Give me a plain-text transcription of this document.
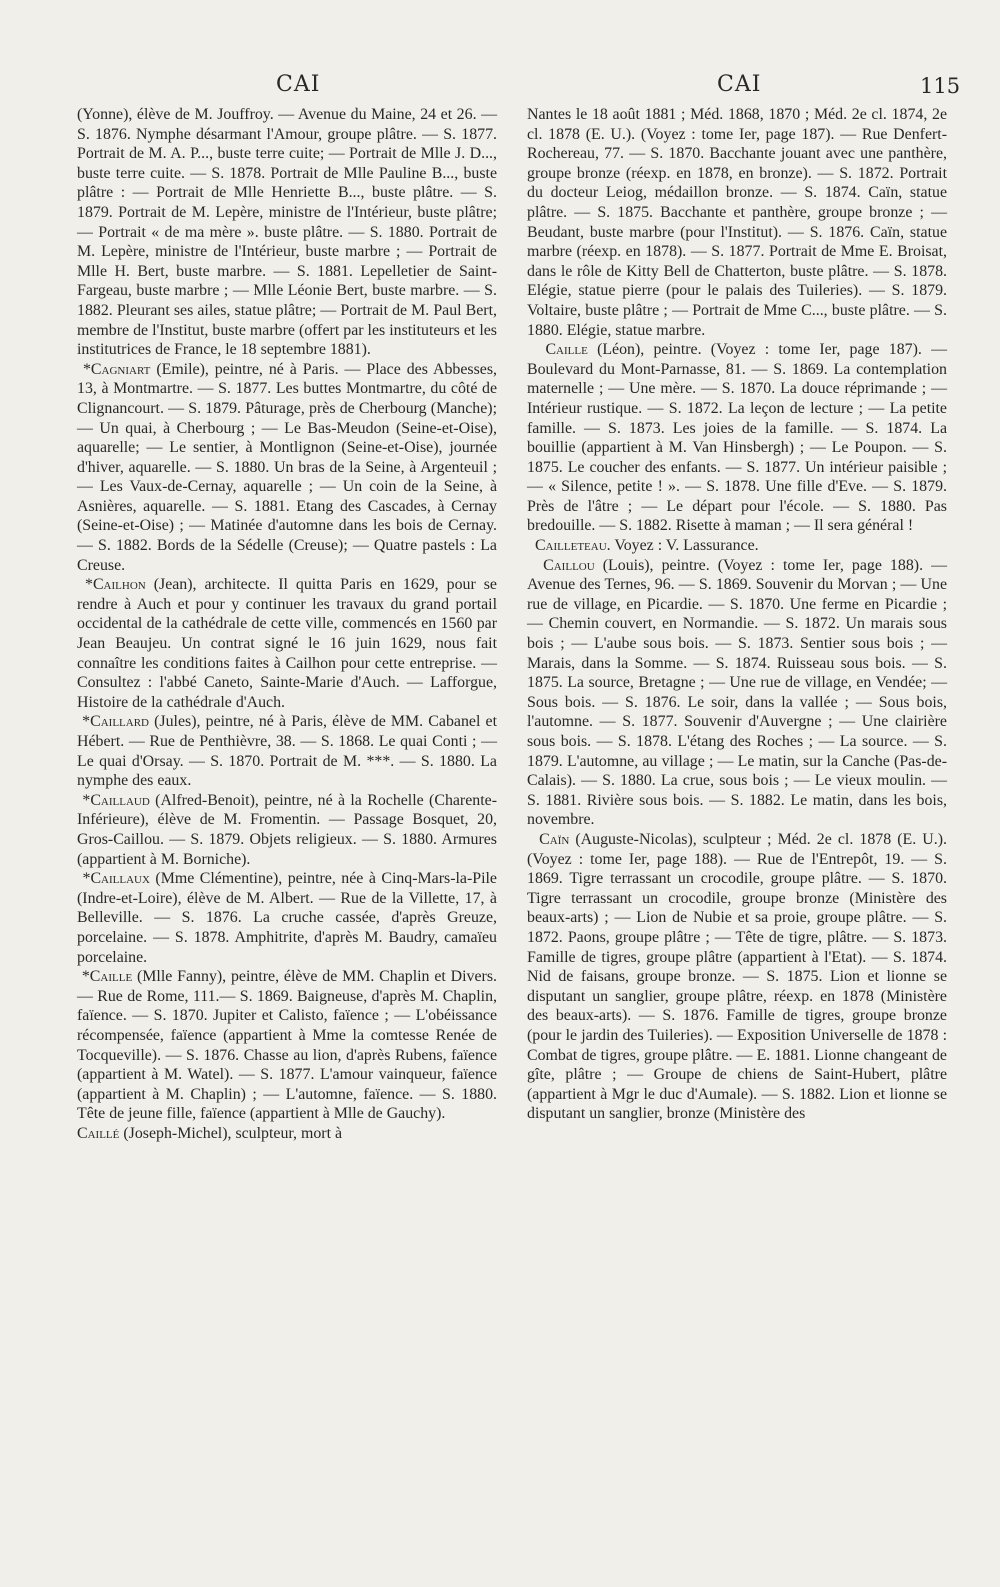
CAI	CAI	115

(Yonne), élève de M. Jouffroy. — Avenue du Maine, 24 et 26. — S. 1876. Nymphe désarmant l'Amour, groupe plâtre. — S. 1877. Portrait de M. A. P..., buste terre cuite; — Portrait de Mlle J. D..., buste terre cuite. — S. 1878. Portrait de Mlle Pauline B..., buste plâtre : — Portrait de Mlle Henriette B..., buste plâtre. — S. 1879. Portrait de M. Lepère, ministre de l'Intérieur, buste plâtre; — Portrait « de ma mère ». buste plâtre. — S. 1880. Portrait de M. Lepère, ministre de l'Intérieur, buste marbre ; — Portrait de Mlle H. Bert, buste marbre. — S. 1881. Lepelletier de Saint-Fargeau, buste marbre ; — Mlle Léonie Bert, buste marbre. — S. 1882. Pleurant ses ailes, statue plâtre; — Portrait de M. Paul Bert, membre de l'Institut, buste marbre (offert par les instituteurs et les institutrices de France, le 18 septembre 1881).

*Cagniart (Emile), peintre, né à Paris. — Place des Abbesses, 13, à Montmartre. — S. 1877. Les buttes Montmartre, du côté de Clignancourt. — S. 1879. Pâturage, près de Cherbourg (Manche); — Un quai, à Cherbourg ; — Le Bas-Meudon (Seine-et-Oise), aquarelle; — Le sentier, à Montlignon (Seine-et-Oise), journée d'hiver, aquarelle. — S. 1880. Un bras de la Seine, à Argenteuil ; — Les Vaux-de-Cernay, aquarelle ; — Un coin de la Seine, à Asnières, aquarelle. — S. 1881. Etang des Cascades, à Cernay (Seine-et-Oise) ; — Matinée d'automne dans les bois de Cernay. — S. 1882. Bords de la Sédelle (Creuse); — Quatre pastels : La Creuse.

*Cailhon (Jean), architecte. Il quitta Paris en 1629, pour se rendre à Auch et pour y continuer les travaux du grand portail occidental de la cathédrale de cette ville, commencés en 1560 par Jean Beaujeu. Un contrat signé le 16 juin 1629, nous fait connaître les conditions faites à Cailhon pour cette entreprise. — Consultez : l'abbé Caneto, Sainte-Marie d'Auch. — Lafforgue, Histoire de la cathédrale d'Auch.

*Caillard (Jules), peintre, né à Paris, élève de MM. Cabanel et Hébert. — Rue de Penthièvre, 38. — S. 1868. Le quai Conti ; — Le quai d'Orsay. — S. 1870. Portrait de M. ***. — S. 1880. La nymphe des eaux.

*Caillaud (Alfred-Benoit), peintre, né à la Rochelle (Charente-Inférieure), élève de M. Fromentin. — Passage Bosquet, 20, Gros-Caillou. — S. 1879. Objets religieux. — S. 1880. Armures (appartient à M. Borniche).

*Caillaux (Mme Clémentine), peintre, née à Cinq-Mars-la-Pile (Indre-et-Loire), élève de M. Albert. — Rue de la Villette, 17, à Belleville. — S. 1876. La cruche cassée, d'après Greuze, porcelaine. — S. 1878. Amphitrite, d'après M. Baudry, camaïeu porcelaine.

*Caille (Mlle Fanny), peintre, élève de MM. Chaplin et Divers. — Rue de Rome, 111.— S. 1869. Baigneuse, d'après M. Chaplin, faïence. — S. 1870. Jupiter et Calisto, faïence ; — L'obéissance récompensée, faïence (appartient à Mme la comtesse Renée de Tocqueville). — S. 1876. Chasse au lion, d'après Rubens, faïence (appartient à M. Watel). — S. 1877. L'amour vainqueur, faïence (appartient à M. Chaplin) ; — L'automne, faïence. — S. 1880. Tête de jeune fille, faïence (appartient à Mlle de Gauchy).

Caillé (Joseph-Michel), sculpteur, mort à

Nantes le 18 août 1881 ; Méd. 1868, 1870 ; Méd. 2e cl. 1874, 2e cl. 1878 (E. U.). (Voyez : tome Ier, page 187). — Rue Denfert-Rochereau, 77. — S. 1870. Bacchante jouant avec une panthère, groupe bronze (réexp. en 1878, en bronze). — S. 1872. Portrait du docteur Leiog, médaillon bronze. — S. 1874. Caïn, statue plâtre. — S. 1875. Bacchante et panthère, groupe bronze ; — Beudant, buste marbre (pour l'Institut). — S. 1876. Caïn, statue marbre (réexp. en 1878). — S. 1877. Portrait de Mme E. Broisat, dans le rôle de Kitty Bell de Chatterton, buste plâtre. — S. 1878. Elégie, statue pierre (pour le palais des Tuileries). — S. 1879. Voltaire, buste plâtre ; — Portrait de Mme C..., buste plâtre. — S. 1880. Elégie, statue marbre.

Caille (Léon), peintre. (Voyez : tome Ier, page 187). — Boulevard du Mont-Parnasse, 81. — S. 1869. La contemplation maternelle ; — Une mère. — S. 1870. La douce réprimande ; — Intérieur rustique. — S. 1872. La leçon de lecture ; — La petite famille. — S. 1873. Les joies de la famille. — S. 1874. La bouillie (appartient à M. Van Hinsbergh) ; — Le Poupon. — S. 1875. Le coucher des enfants. — S. 1877. Un intérieur paisible ; — « Silence, petite ! ». — S. 1878. Une fille d'Eve. — S. 1879. Près de l'âtre ; — Le départ pour l'école. — S. 1880. Pas bredouille. — S. 1882. Risette à maman ; — Il sera général !

Cailleteau. Voyez : V. Lassurance.

Caillou (Louis), peintre. (Voyez : tome Ier, page 188). — Avenue des Ternes, 96. — S. 1869. Souvenir du Morvan ; — Une rue de village, en Picardie. — S. 1870. Une ferme en Picardie ; — Chemin couvert, en Normandie. — S. 1872. Un marais sous bois ; — L'aube sous bois. — S. 1873. Sentier sous bois ; — Marais, dans la Somme. — S. 1874. Ruisseau sous bois. — S. 1875. La source, Bretagne ; — Une rue de village, en Vendée; — Sous bois. — S. 1876. Le soir, dans la vallée ; — Sous bois, l'automne. — S. 1877. Souvenir d'Auvergne ; — Une clairière sous bois. — S. 1878. L'étang des Roches ; — La source. — S. 1879. L'automne, au village ; — Le matin, sur la Canche (Pas-de-Calais). — S. 1880. La crue, sous bois ; — Le vieux moulin. — S. 1881. Rivière sous bois. — S. 1882. Le matin, dans les bois, novembre.

Caïn (Auguste-Nicolas), sculpteur ; Méd. 2e cl. 1878 (E. U.). (Voyez : tome Ier, page 188). — Rue de l'Entrepôt, 19. — S. 1869. Tigre terrassant un crocodile, groupe plâtre. — S. 1870. Tigre terrassant un crocodile, groupe bronze (Ministère des beaux-arts) ; — Lion de Nubie et sa proie, groupe plâtre. — S. 1872. Paons, groupe plâtre ; — Tête de tigre, plâtre. — S. 1873. Famille de tigres, groupe plâtre (appartient à l'Etat). — S. 1874. Nid de faisans, groupe bronze. — S. 1875. Lion et lionne se disputant un sanglier, groupe plâtre, réexp. en 1878 (Ministère des beaux-arts). — S. 1876. Famille de tigres, groupe bronze (pour le jardin des Tuileries). — Exposition Universelle de 1878 : Combat de tigres, groupe plâtre. — E. 1881. Lionne changeant de gîte, plâtre ; — Groupe de chiens de Saint-Hubert, plâtre (appartient à Mgr le duc d'Aumale). — S. 1882. Lion et lionne se disputant un sanglier, bronze (Ministère des
